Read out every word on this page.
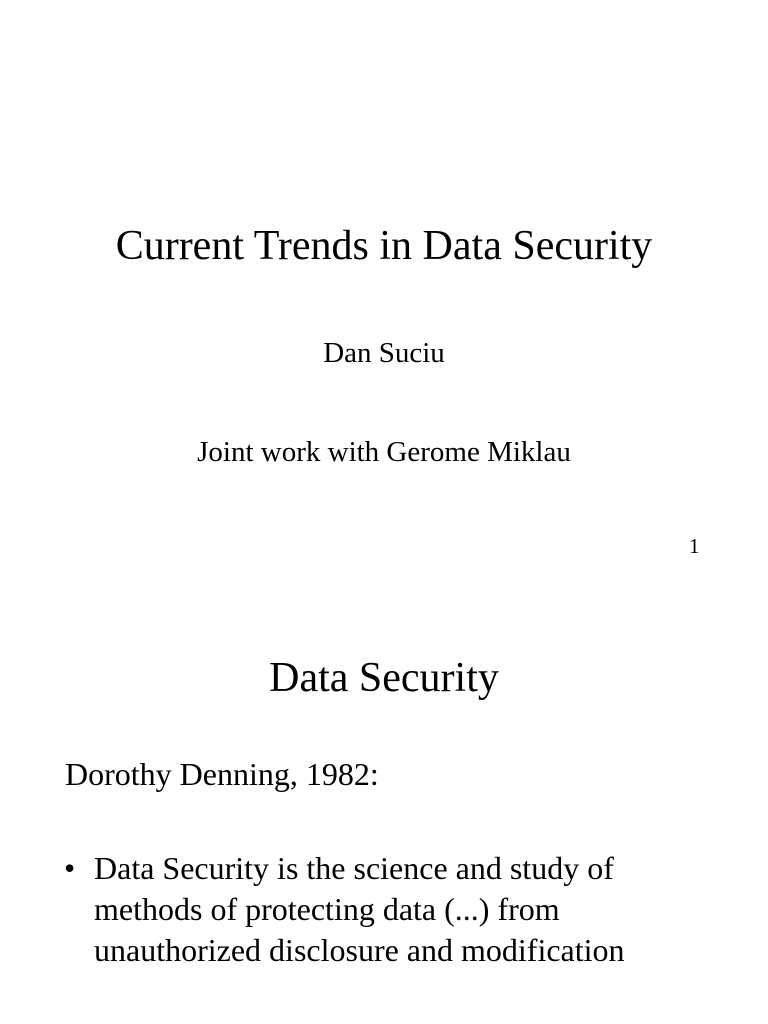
Current Trends in Data Security
Dan Suciu
Joint work with Gerome Miklau
1
Data Security
Dorothy Denning, 1982:
• Data Security is the science and study of
methods of protecting data (...) from
unauthorized disclosure and modification
